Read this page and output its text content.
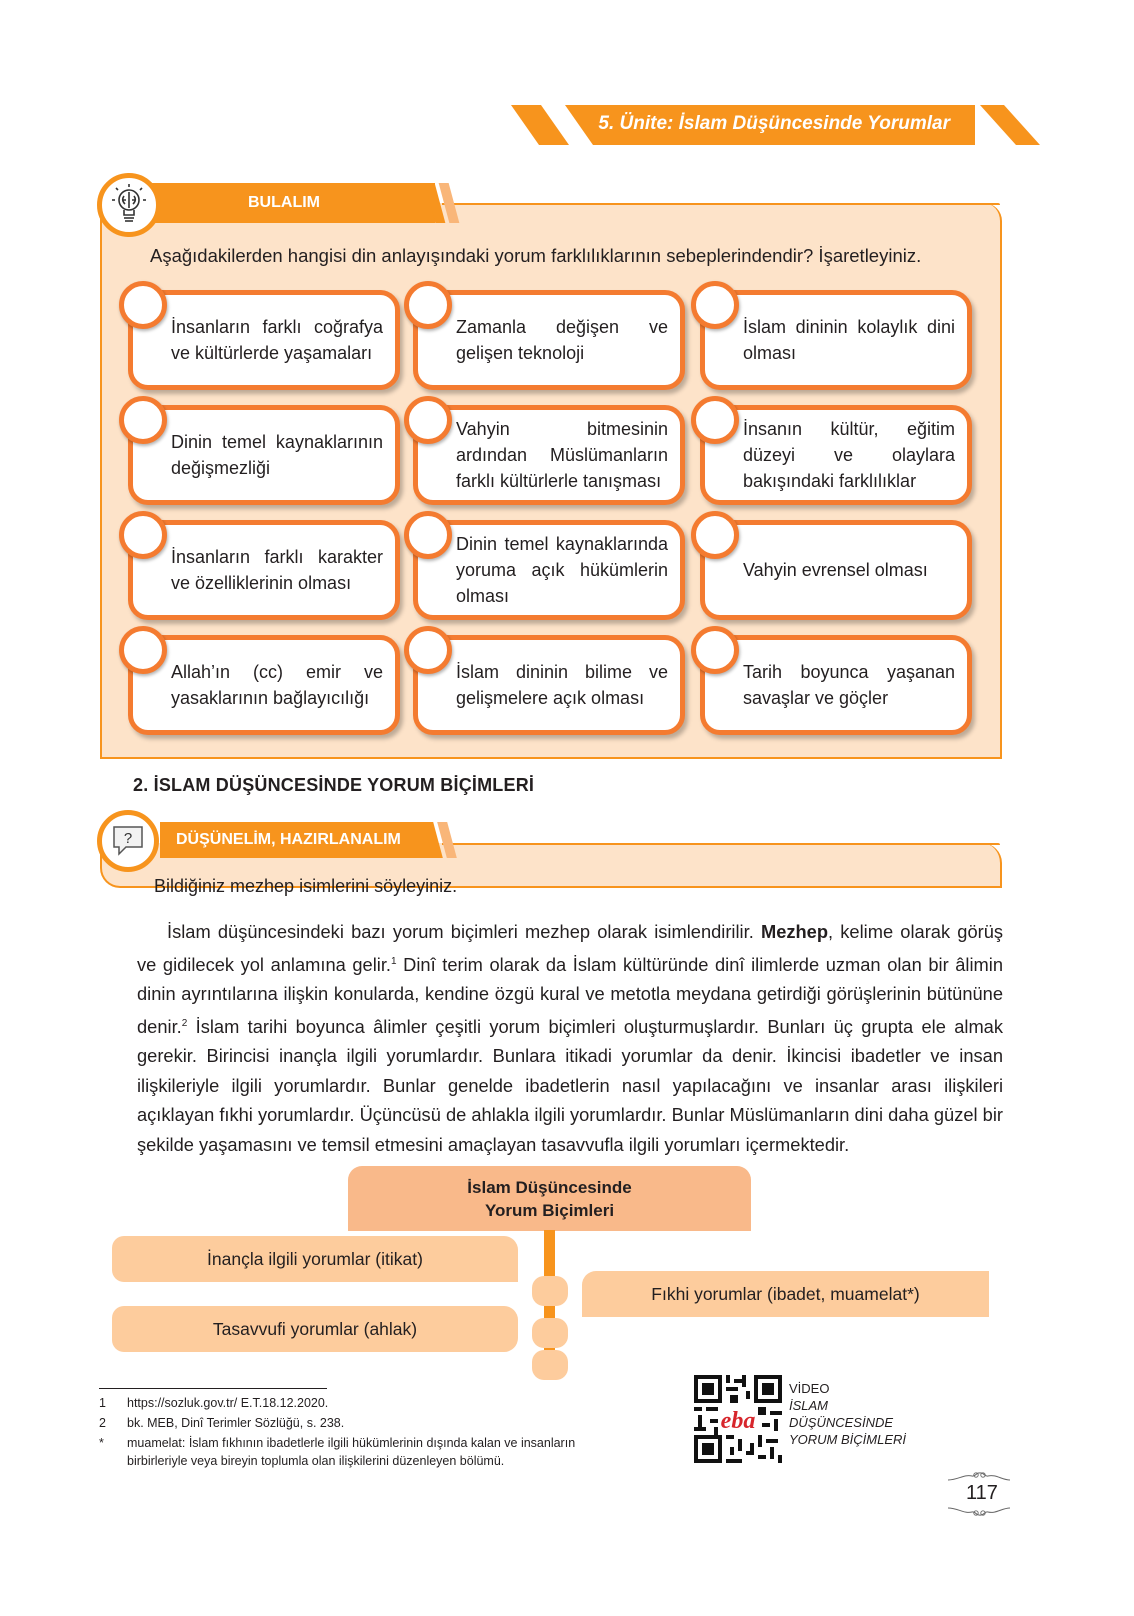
5. Ünite: İslam Düşüncesinde Yorumlar
BULALIM
Aşağıdakilerden hangisi din anlayışındaki yorum farklılıklarının sebeplerindendir? İşaretleyiniz.
İnsanların farklı coğrafya ve kültürlerde yaşamaları
Zamanla değişen ve gelişen teknoloji
İslam dininin kolaylık dini olması
Dinin temel kaynaklarının değişmezliği
Vahyin bitmesinin ardından Müslümanların farklı kültürlerle tanışması
İnsanın kültür, eğitim düzeyi ve olaylara bakışındaki farklılıklar
İnsanların farklı karakter ve özelliklerinin olması
Dinin temel kaynaklarında yoruma açık hükümlerin olması
Vahyin evrensel olması
Allah’ın (cc) emir ve yasaklarının bağlayıcılığı
İslam dininin bilime ve gelişmelere açık olması
Tarih boyunca yaşanan savaşlar ve göçler
2. İSLAM DÜŞÜNCESİNDE YORUM BİÇİMLERİ
DÜŞÜNELİM, HAZIRLANALIM
?
Bildiğiniz mezhep isimlerini söyleyiniz.

İslam düşüncesindeki bazı yorum biçimleri mezhep olarak isimlendirilir. Mezhep, kelime olarak görüş ve gidilecek yol anlamına gelir.$^1$ Dinî terim olarak da İslam kültüründe dinî ilimlerde uzman olan bir âlimin dinin ayrıntılarına ilişkin konularda, kendine özgü kural ve metotla meydana getirdiği görüşlerinin bütününe denir.$^2$ İslam tarihi boyunca âlimler çeşitli yorum biçimleri oluşturmuşlardır. Bunları üç grupta ele almak gerekir. Birincisi inançla ilgili yorumlardır. Bunlara itikadi yorumlar da denir. İkincisi ibadetler ve insan ilişkileriyle ilgili yorumlardır. Bunlar genelde ibadetlerin nasıl yapılacağını ve insanlar arası ilişkileri açıklayan fıkhi yorumlardır. Üçüncüsü de ahlakla ilgili yorumlardır. Bunlar Müslümanların dini daha güzel bir şekilde yaşamasını ve temsil etmesini amaçlayan tasavvufla ilgili yorumları içermektedir.

İslam Düşüncesinde
Yorum Biçimleri
İnançla ilgili yorumlar (itikat)
Fıkhi yorumlar (ibadet, muamelat*)
Tasavvufi yorumlar (ahlak)
1 https://sozluk.gov.tr/ E.T.18.12.2020.
2 bk. MEB, Dinî Terimler Sözlüğü, s. 238.
* muamelat: İslam fıkhının ibadetlerle ilgili hükümlerinin dışında kalan ve insanların
birbirleriyle veya bireyin toplumla olan ilişkilerini düzenleyen bölümü.
eba
VİDEO
İSLAM
DÜŞÜNCESİNDE
YORUM BİÇİMLERİ
117
